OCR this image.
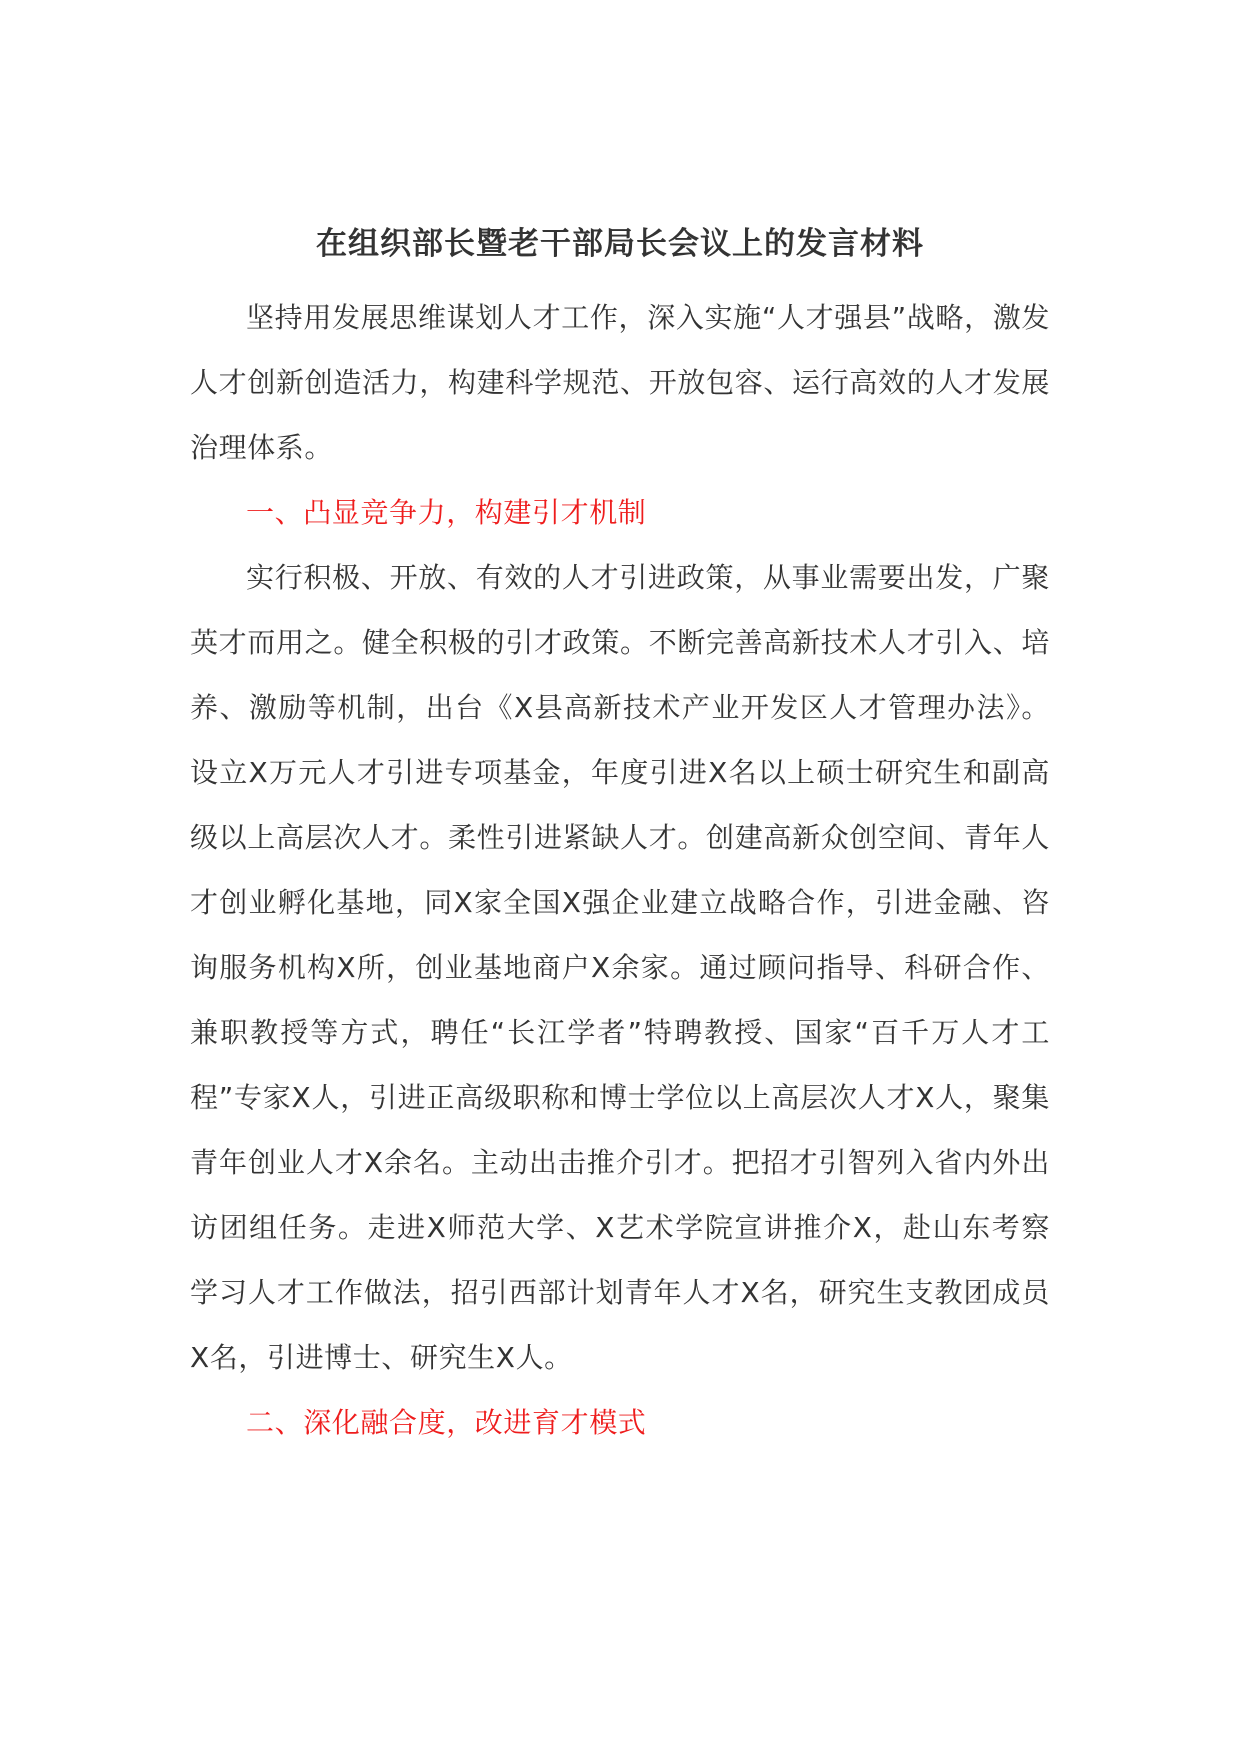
在组织部长暨老干部局长会议上的发言材料

坚持用发展思维谋划人才工作，深入实施“人才强县”战略，激发人才创新创造活力，构建科学规范、开放包容、运行高效的人才发展治理体系。

一、凸显竞争力，构建引才机制

实行积极、开放、有效的人才引进政策，从事业需要出发，广聚英才而用之。健全积极的引才政策。不断完善高新技术人才引入、培养、激励等机制，出台《X县高新技术产业开发区人才管理办法》。设立X万元人才引进专项基金，年度引进X名以上硕士研究生和副高级以上高层次人才。柔性引进紧缺人才。创建高新众创空间、青年人才创业孵化基地，同X家全国X强企业建立战略合作，引进金融、咨询服务机构X所，创业基地商户X余家。通过顾问指导、科研合作、兼职教授等方式，聘任“长江学者”特聘教授、国家“百千万人才工程”专家X人，引进正高级职称和博士学位以上高层次人才X人，聚集青年创业人才X余名。主动出击推介引才。把招才引智列入省内外出访团组任务。走进X师范大学、X艺术学院宣讲推介X，赴山东考察学习人才工作做法，招引西部计划青年人才X名，研究生支教团成员X名，引进博士、研究生X人。

二、深化融合度，改进育才模式
